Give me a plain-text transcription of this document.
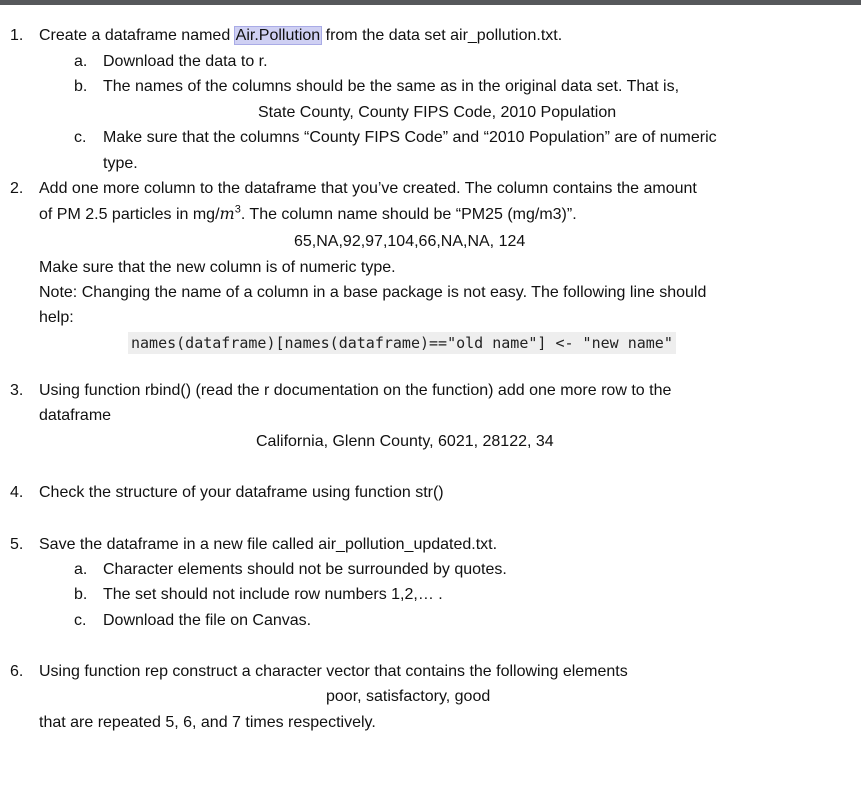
1. Create a dataframe named Air.Pollution from the data set air_pollution.txt.
a. Download the data to r.
b. The names of the columns should be the same as in the original data set. That is,
State County, County FIPS Code, 2010 Population
c. Make sure that the columns “County FIPS Code” and “2010 Population” are of numeric
type.
2. Add one more column to the dataframe that you’ve created. The column contains the amount
of PM 2.5 particles in $mg/m^3$. The column name should be “PM25 (mg/m3)”.
65,NA,92,97,104,66,NA,NA, 124
Make sure that the new column is of numeric type.
Note: Changing the name of a column in a base package is not easy. The following line should
help:
names(dataframe)[names(dataframe)=="old name"] <- "new name"
3. Using function rbind() (read the r documentation on the function) add one more row to the
dataframe
California, Glenn County, 6021, 28122, 34
4. Check the structure of your dataframe using function str()
5. Save the dataframe in a new file called air_pollution_updated.txt.
a. Character elements should not be surrounded by quotes.
b. The set should not include row numbers 1,2,… .
c. Download the file on Canvas.
6. Using function rep construct a character vector that contains the following elements
poor, satisfactory, good
that are repeated 5, 6, and 7 times respectively.
